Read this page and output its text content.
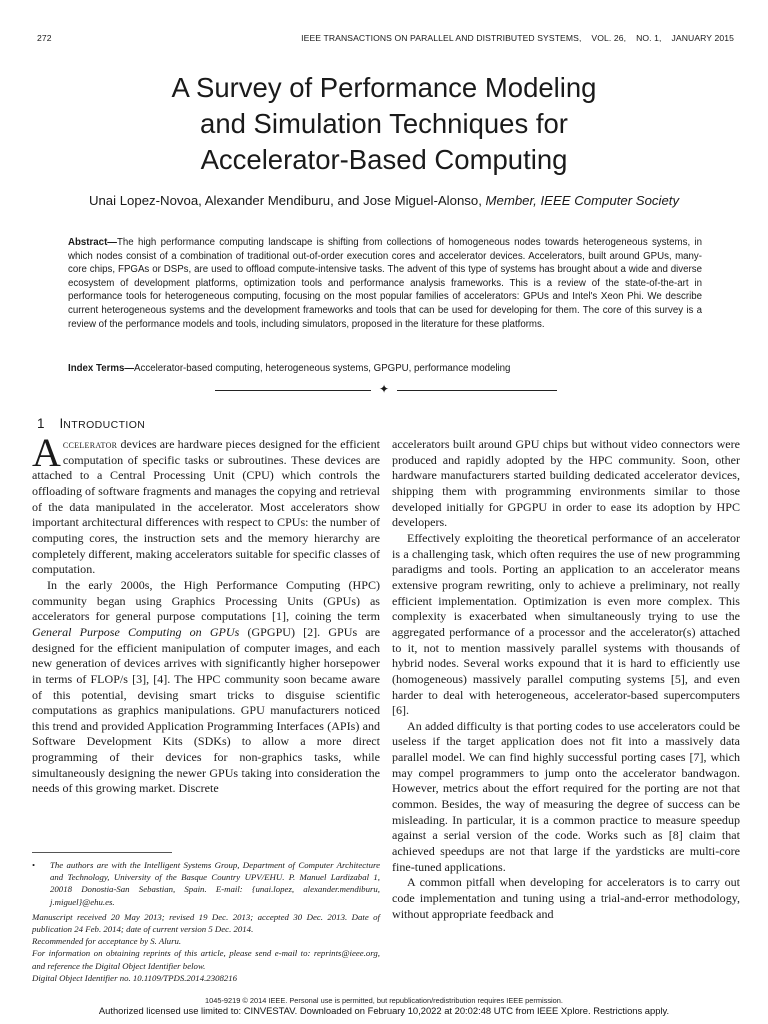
272	IEEE TRANSACTIONS ON PARALLEL AND DISTRIBUTED SYSTEMS, VOL. 26, NO. 1, JANUARY 2015
A Survey of Performance Modeling
and Simulation Techniques for
Accelerator-Based Computing
Unai Lopez-Novoa, Alexander Mendiburu, and Jose Miguel-Alonso, Member, IEEE Computer Society
Abstract—The high performance computing landscape is shifting from collections of homogeneous nodes towards heterogeneous systems, in which nodes consist of a combination of traditional out-of-order execution cores and accelerator devices. Accelerators, built around GPUs, many-core chips, FPGAs or DSPs, are used to offload compute-intensive tasks. The advent of this type of systems has brought about a wide and diverse ecosystem of development platforms, optimization tools and performance analysis frameworks. This is a review of the state-of-the-art in performance tools for heterogeneous computing, focusing on the most popular families of accelerators: GPUs and Intel's Xeon Phi. We describe current heterogeneous systems and the development frameworks and tools that can be used for developing for them. The core of this survey is a review of the performance models and tools, including simulators, proposed in the literature for these platforms.
Index Terms—Accelerator-based computing, heterogeneous systems, GPGPU, performance modeling
✦
1 INTRODUCTION

Accelerator devices are hardware pieces designed for the efficient computation of specific tasks or subroutines. These devices are attached to a Central Processing Unit (CPU) which controls the offloading of software fragments and manages the copying and retrieval of the data manipulated in the accelerator. Most accelerators show important architectural differences with respect to CPUs: the number of computing cores, the instruction sets and the memory hierarchy are completely different, making accelerators suitable for specific classes of computation.

In the early 2000s, the High Performance Computing (HPC) community began using Graphics Processing Units (GPUs) as accelerators for general purpose computations [1], coining the term General Purpose Computing on GPUs (GPGPU) [2]. GPUs are designed for the efficient manipulation of computer images, and each new generation of devices arrives with significantly higher horsepower in terms of FLOP/s [3], [4]. The HPC community soon became aware of this potential, devising smart tricks to disguise scientific computations as graphics manipulations. GPU manufacturers noticed this trend and provided Application Programming Interfaces (APIs) and Software Development Kits (SDKs) to allow a more direct programming of their devices for non-graphics tasks, while simultaneously designing the newer GPUs taking into consideration the needs of this growing market. Discrete

•	The authors are with the Intelligent Systems Group, Department of Computer Architecture and Technology, University of the Basque Country UPV/EHU. P. Manuel Lardizabal 1, 20018 Donostia-San Sebastian, Spain. E-mail: {unai.lopez, alexander.mendiburu, j.miguel}@ehu.es.
Manuscript received 20 May 2013; revised 19 Dec. 2013; accepted 30 Dec. 2013. Date of publication 24 Feb. 2014; date of current version 5 Dec. 2014.
Recommended for acceptance by S. Aluru.
For information on obtaining reprints of this article, please send e-mail to: reprints@ieee.org, and reference the Digital Object Identifier below.
Digital Object Identifier no. 10.1109/TPDS.2014.2308216

accelerators built around GPU chips but without video connectors were produced and rapidly adopted by the HPC community. Soon, other hardware manufacturers started building dedicated accelerator devices, shipping them with programming environments similar to those developed initially for GPGPU in order to ease its adoption by HPC developers.

Effectively exploiting the theoretical performance of an accelerator is a challenging task, which often requires the use of new programming paradigms and tools. Porting an application to an accelerator means extensive program rewriting, only to achieve a preliminary, not really efficient implementation. Optimization is even more complex. This complexity is exacerbated when simultaneously trying to use the aggregated performance of a processor and the accelerator(s) attached to it, not to mention massively parallel systems with thousands of hybrid nodes. Several works expound that it is hard to efficiently use (homogeneous) massively parallel computing systems [5], and even harder to deal with heterogeneous, accelerator-based supercomputers [6].

An added difficulty is that porting codes to use accelerators could be useless if the target application does not fit into a massively data parallel model. We can find highly successful porting cases [7], which may compel programmers to jump onto the accelerator bandwagon. However, metrics about the effort required for the porting are not that common. Besides, the way of measuring the degree of success can be misleading. In particular, it is a common practice to measure speedup against a serial version of the code. Works such as [8] claim that achieved speedups are not that large if the yardsticks are multi-core fine-tuned applications.

A common pitfall when developing for accelerators is to carry out code implementation and tuning using a trial-and-error methodology, without appropriate feedback and

1045-9219 © 2014 IEEE. Personal use is permitted, but republication/redistribution requires IEEE permission.
Authorized licensed use limited to: CINVESTAV. Downloaded on February 10,2022 at 20:02:48 UTC from IEEE Xplore. Restrictions apply.
